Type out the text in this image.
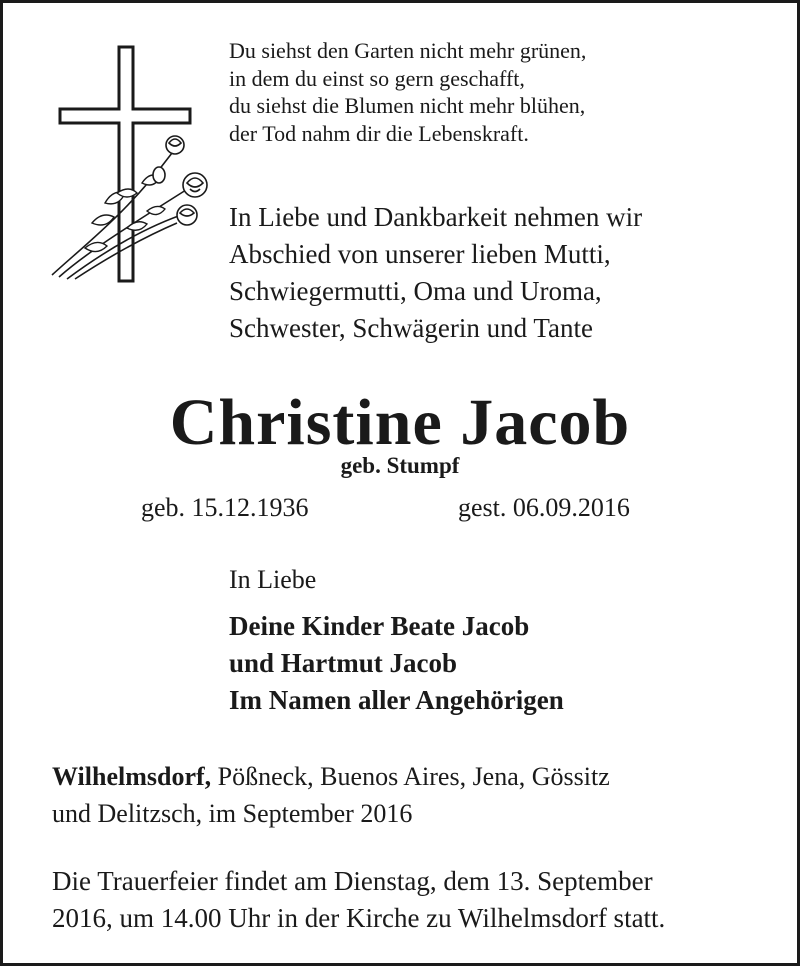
Du siehst den Garten nicht mehr grünen,
in dem du einst so gern geschafft,
du siehst die Blumen nicht mehr blühen,
der Tod nahm dir die Lebenskraft.
In Liebe und Dankbarkeit nehmen wir
Abschied von unserer lieben Mutti,
Schwiegermutti, Oma und Uroma,
Schwester, Schwägerin und Tante
Christine Jacob
geb. Stumpf
geb. 15.12.1936	gest. 06.09.2016
In Liebe
Deine Kinder Beate Jacob
und Hartmut Jacob
Im Namen aller Angehörigen
Wilhelmsdorf, Pößneck, Buenos Aires, Jena, Gössitz
und Delitzsch, im September 2016
Die Trauerfeier findet am Dienstag, dem 13. September
2016, um 14.00 Uhr in der Kirche zu Wilhelmsdorf statt.
